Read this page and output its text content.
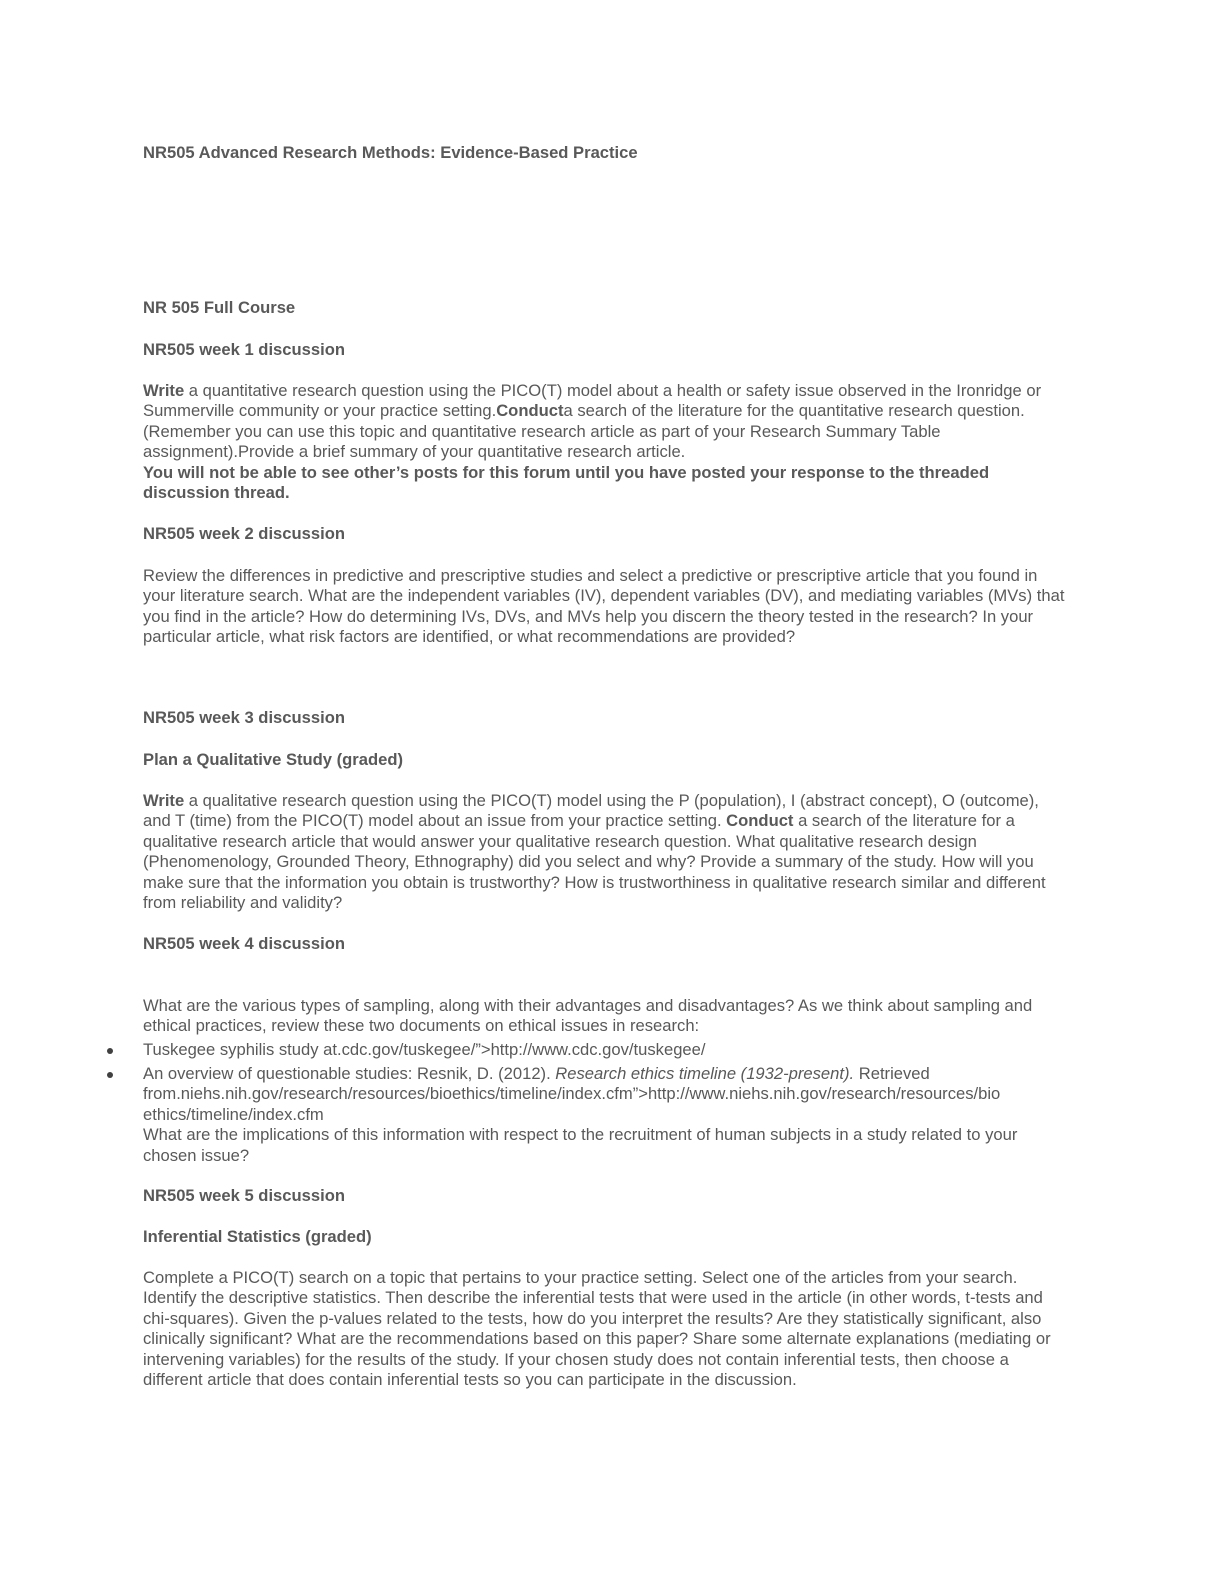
NR505 Advanced Research Methods: Evidence-Based Practice
NR 505 Full Course
NR505 week 1 discussion

Write a quantitative research question using the PICO(T) model about a health or safety issue observed in the Ironridge or Summerville community or your practice setting.Conducta search of the literature for the quantitative research question. (Remember you can use this topic and quantitative research article as part of your Research Summary Table assignment).Provide a brief summary of your quantitative research article.
You will not be able to see other’s posts for this forum until you have posted your response to the threaded discussion thread.

NR505 week 2 discussion

Review the differences in predictive and prescriptive studies and select a predictive or prescriptive article that you found in your literature search. What are the independent variables (IV), dependent variables (DV), and mediating variables (MVs) that you find in the article? How do determining IVs, DVs, and MVs help you discern the theory tested in the research? In your particular article, what risk factors are identified, or what recommendations are provided?

NR505 week 3 discussion
Plan a Qualitative Study (graded)

Write a qualitative research question using the PICO(T) model using the P (population), I (abstract concept), O (outcome), and T (time) from the PICO(T) model about an issue from your practice setting. Conduct a search of the literature for a qualitative research article that would answer your qualitative research question. What qualitative research design (Phenomenology, Grounded Theory, Ethnography) did you select and why? Provide a summary of the study. How will you make sure that the information you obtain is trustworthy? How is trustworthiness in qualitative research similar and different from reliability and validity?

NR505 week 4 discussion

What are the various types of sampling, along with their advantages and disadvantages? As we think about sampling and ethical practices, review these two documents on ethical issues in research:

Tuskegee syphilis study at.cdc.gov/tuskegee/”>http://www.cdc.gov/tuskegee/
An overview of questionable studies: Resnik, D. (2012). Research ethics timeline (1932-present). Retrieved from.niehs.nih.gov/research/resources/bioethics/timeline/index.cfm”>http://www.niehs.nih.gov/research/resources/bio ethics/timeline/index.cfm
What are the implications of this information with respect to the recruitment of human subjects in a study related to your chosen issue?
NR505 week 5 discussion
Inferential Statistics (graded)

Complete a PICO(T) search on a topic that pertains to your practice setting. Select one of the articles from your search. Identify the descriptive statistics. Then describe the inferential tests that were used in the article (in other words, t-tests and chi-squares). Given the p-values related to the tests, how do you interpret the results? Are they statistically significant, also clinically significant? What are the recommendations based on this paper? Share some alternate explanations (mediating or intervening variables) for the results of the study. If your chosen study does not contain inferential tests, then choose a different article that does contain inferential tests so you can participate in the discussion.
